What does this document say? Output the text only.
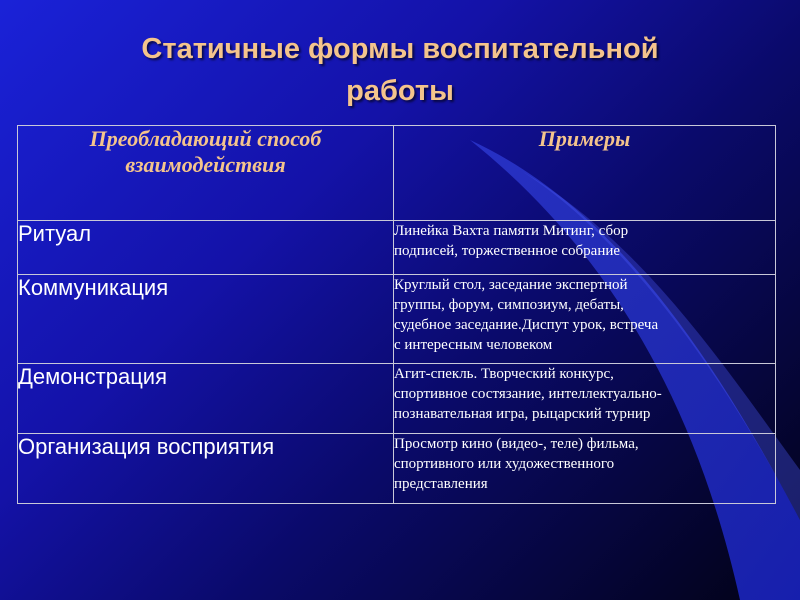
Статичные формы воспитательной
работы
Преобладающий способ
взаимодействия	Примеры

Ритуал	Линейка Вахта памяти Митинг, сбор
подписей, торжественное собрание

Коммуникация	Круглый стол, заседание экспертной
группы, форум, симпозиум, дебаты,
судебное заседание.Диспут урок, встреча
с интересным человеком

Демонстрация	Агит-спекль. Творческий конкурс,
спортивное состязание, интеллектуально-
познавательная игра, рыцарский турнир

Организация восприятия	Просмотр кино (видео-, теле) фильма,
спортивного или художественного
представления
